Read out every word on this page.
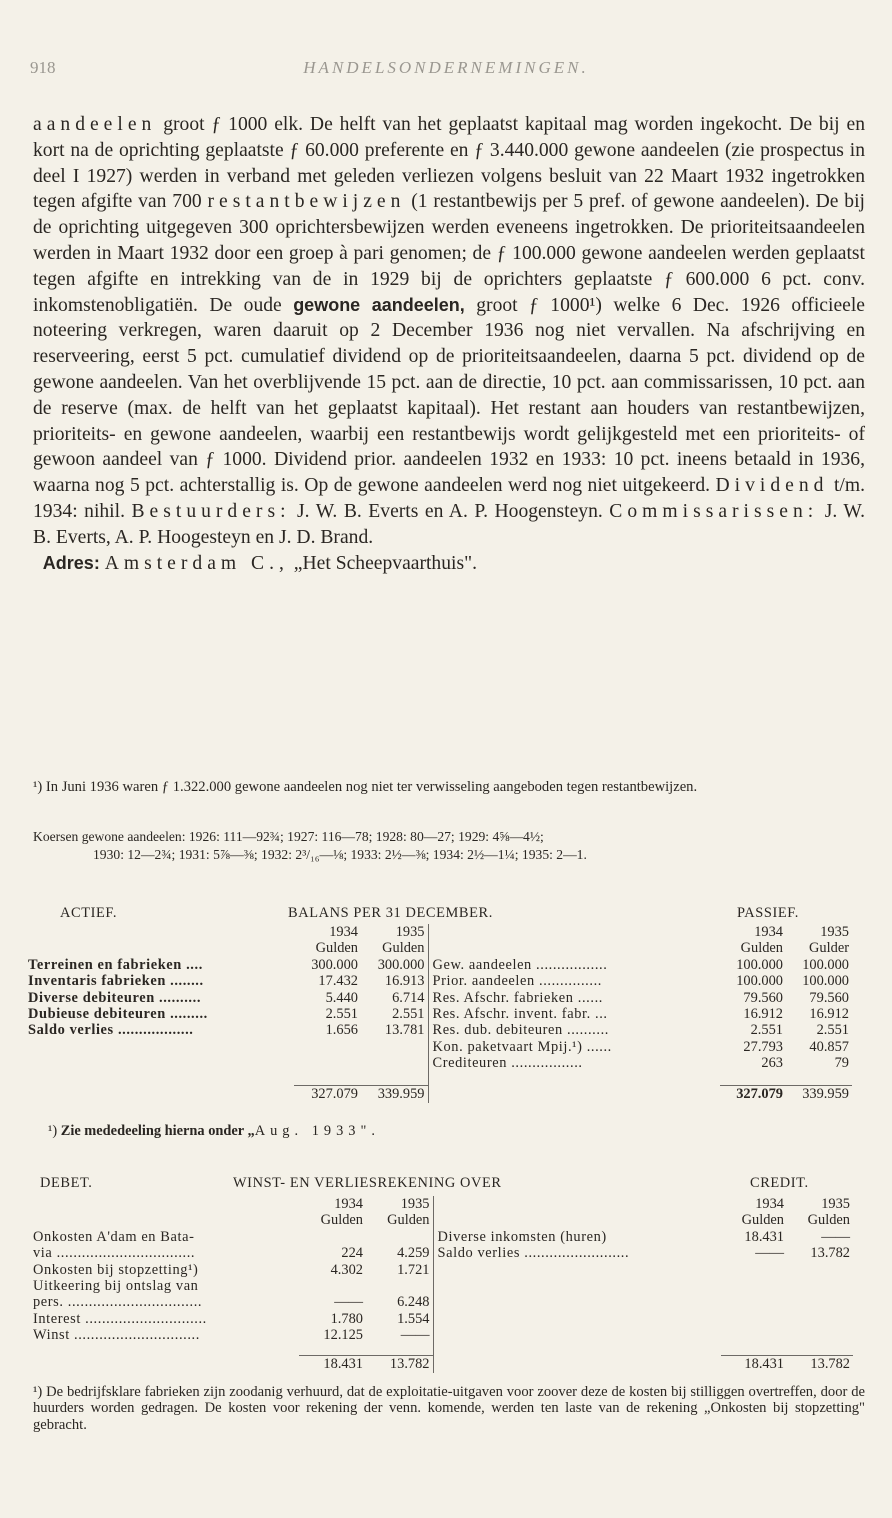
918	HANDELSONDERNEMINGEN.

aandeelen groot ƒ 1000 elk. De helft van het geplaatst kapitaal mag worden ingekocht. De bij en kort na de oprichting geplaatste ƒ 60.000 preferente en ƒ 3.440.000 gewone aandeelen (zie prospectus in deel I 1927) werden in verband met geleden verliezen volgens besluit van 22 Maart 1932 ingetrokken tegen afgifte van 700 restantbewijzen (1 restantbewijs per 5 pref. of gewone aandeelen). De bij de oprichting uitgegeven 300 oprichtersbewijzen werden eveneens ingetrokken. De prioriteitsaandeelen werden in Maart 1932 door een groep à pari genomen; de ƒ 100.000 gewone aandeelen werden geplaatst tegen afgifte en intrekking van de in 1929 bij de oprichters geplaatste ƒ 600.000 6 pct. conv. inkomstenobligatiën. De oude gewone aandeelen, groot ƒ 1000¹) welke 6 Dec. 1926 officieele noteering verkregen, waren daaruit op 2 December 1936 nog niet vervallen. Na afschrijving en reserveering, eerst 5 pct. cumulatief dividend op de prioriteitsaandeelen, daarna 5 pct. dividend op de gewone aandeelen. Van het overblijvende 15 pct. aan de directie, 10 pct. aan commissarissen, 10 pct. aan de reserve (max. de helft van het geplaatst kapitaal). Het restant aan houders van restantbewijzen, prioriteits- en gewone aandeelen, waarbij een restantbewijs wordt gelijkgesteld met een prioriteits- of gewoon aandeel van ƒ 1000. Dividend prior. aandeelen 1932 en 1933: 10 pct. ineens betaald in 1936, waarna nog 5 pct. achterstallig is. Op de gewone aandeelen werd nog niet uitgekeerd. Dividend t/m. 1934: nihil. Bestuurders: J. W. B. Everts en A. P. Hoogensteyn. Commissarissen: J. W. B. Everts, A. P. Hoogesteyn en J. D. Brand.

Adres: Amsterdam C., „Het Scheepvaarthuis".

¹) In Juni 1936 waren ƒ 1.322.000 gewone aandeelen nog niet ter verwisseling aangeboden tegen restantbewijzen.
Koersen gewone aandeelen: 1926: 111—92¾; 1927: 116—78; 1928: 80—27; 1929: 4⅝—4½;
1930: 12—2¾; 1931: 5⅞—⅜; 1932: 2³/₁₆—⅛; 1933: 2½—⅜; 1934: 2½—1¼; 1935: 2—1.
ACTIEF.	BALANS PER 31 DECEMBER.	PASSIEF.
	1934	1935		1934	1935
	Gulden	Gulden		Gulden	Gulder
Terreinen en fabrieken ....	300.000	300.000	Gew. aandeelen .................	100.000	100.000
Inventaris fabrieken ........	17.432	16.913	Prior. aandeelen ...............	100.000	100.000
Diverse debiteuren ..........	5.440	6.714	Res. Afschr. fabrieken ......	79.560	79.560
Dubieuse debiteuren .........	2.551	2.551	Res. Afschr. invent. fabr. ...	16.912	16.912
Saldo verlies ..................	1.656	13.781	Res. dub. debiteuren ..........	2.551	2.551
			Kon. paketvaart Mpij.¹) ......	27.793	40.857
			Crediteuren .................	263	79

	327.079	339.959		327.079	339.959
¹) Zie mededeeling hierna onder „Aug. 1933".
DEBET.	WINST- EN VERLIESREKENING OVER	CREDIT.
	1934	1935		1934	1935
	Gulden	Gulden		Gulden	Gulden
Onkosten A'dam en Bata-			Diverse inkomsten (huren)	18.431	——
via .................................	224	4.259	Saldo verlies .........................	——	13.782
Onkosten bij stopzetting¹)	4.302	1.721			
Uitkeering bij ontslag van					
pers. ................................	——	6.248			
Interest .............................	1.780	1.554			
Winst ..............................	12.125	——			

	18.431	13.782		18.431	13.782
¹) De bedrijfsklare fabrieken zijn zoodanig verhuurd, dat de exploitatie-uitgaven voor zoover deze de kosten bij stilliggen overtreffen, door de huurders worden gedragen. De kosten voor rekening der venn. komende, werden ten laste van de rekening „Onkosten bij stopzetting" gebracht.
